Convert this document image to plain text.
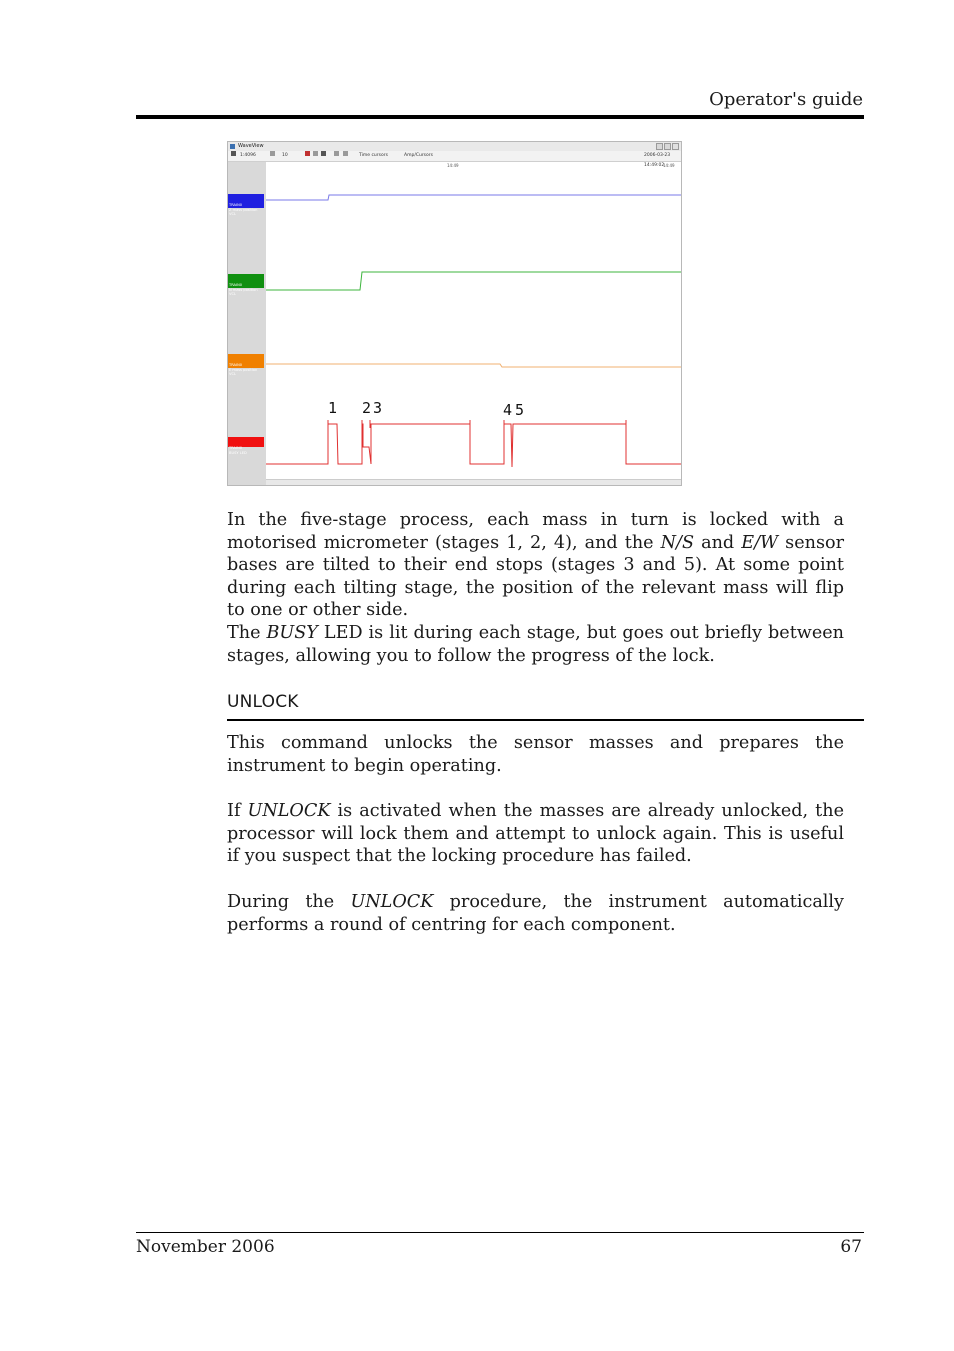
Operator's guide
WaveView
1:4096	10	Time cursors	Amp/Cursors	2006-03-23 14:49:02
14:49	14:49

TRAIN0
Z mass position
VCL

TRAIN0
N mass position
VCL

TRAIN0
E mass position
VCL

TRAIN0
BUSY LED

1 2 3	4 5

In the five-stage process, each mass in turn is locked with a motorised micrometer (stages 1, 2, 4), and the N/S and E/W sensor bases are tilted to their end stops (stages 3 and 5). At some point during each tilting stage, the position of the relevant mass will flip to one or other side.

The BUSY LED is lit during each stage, but goes out briefly between stages, allowing you to follow the progress of the lock.

UNLOCK

This command unlocks the sensor masses and prepares the instrument to begin operating.

If UNLOCK is activated when the masses are already unlocked, the processor will lock them and attempt to unlock again. This is useful if you suspect that the locking procedure has failed.

During the UNLOCK procedure, the instrument automatically performs a round of centring for each component.

November 2006	67
